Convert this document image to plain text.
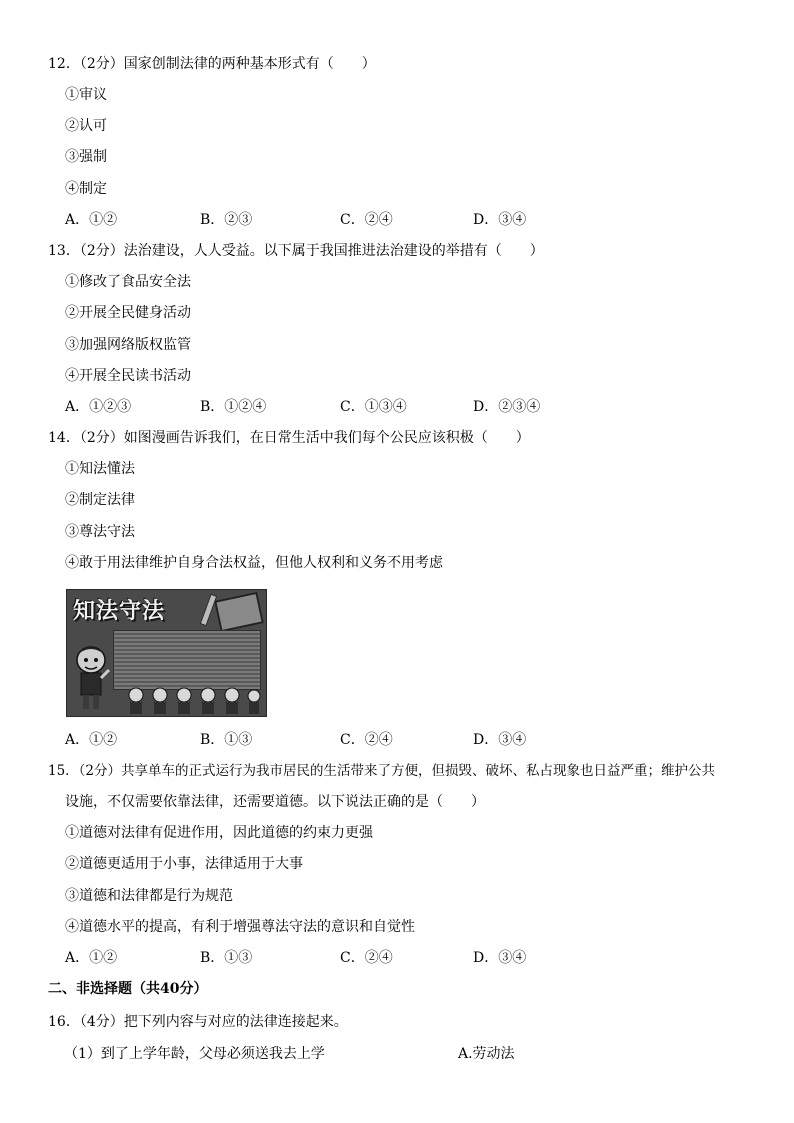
12．（2分）国家创制法律的两种基本形式有（　　）
①审议
②认可
③强制
④制定
A．①②	B．②③	C．②④	D．③④
13．（2分）法治建设，人人受益。以下属于我国推进法治建设的举措有（　　）
①修改了食品安全法
②开展全民健身活动
③加强网络版权监管
④开展全民读书活动
A．①②③	B．①②④	C．①③④	D．②③④
14．（2分）如图漫画告诉我们，在日常生活中我们每个公民应该积极（　　）
①知法懂法
②制定法律
③尊法守法
④敢于用法律维护自身合法权益，但他人权利和义务不用考虑
知法守法
A．①②	B．①③	C．②④	D．③④
15．（2分）共享单车的正式运行为我市居民的生活带来了方便，但损毁、破坏、私占现象也日益严重；维护公共
设施，不仅需要依靠法律，还需要道德。以下说法正确的是（　　）
①道德对法律有促进作用，因此道德的约束力更强
②道德更适用于小事，法律适用于大事
③道德和法律都是行为规范
④道德水平的提高，有利于增强尊法守法的意识和自觉性
A．①②	B．①③	C．②④	D．③④
二、非选择题（共40分）
16．（4分）把下列内容与对应的法律连接起来。
（1）到了上学年龄，父母必须送我去上学	A.劳动法
